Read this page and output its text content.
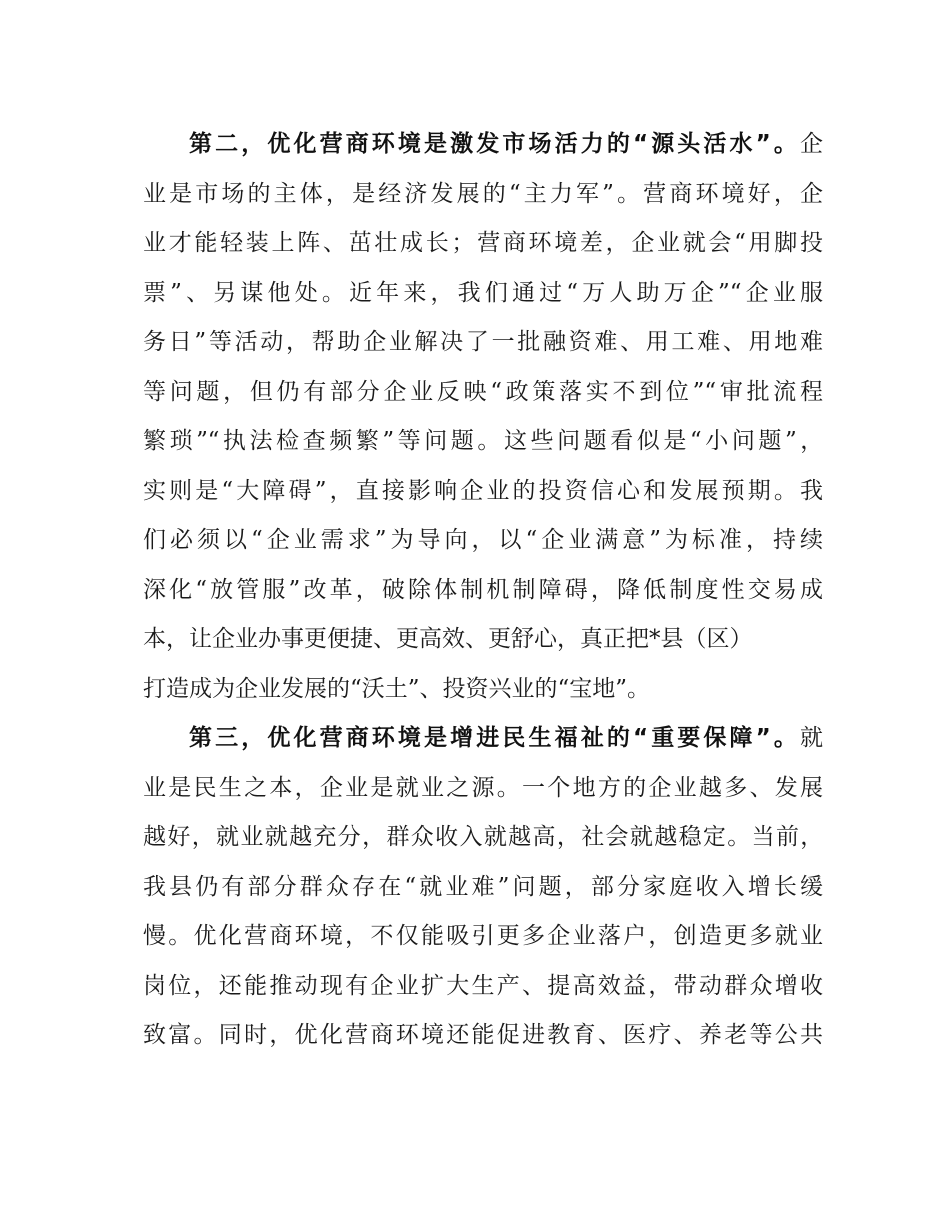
第二，优化营商环境是激发市场活力的“源头活水”。企
业是市场的主体，是经济发展的“主力军”。营商环境好，企
业才能轻装上阵、茁壮成长；营商环境差，企业就会“用脚投
票”、另谋他处。近年来，我们通过“万人助万企”“企业服
务日”等活动，帮助企业解决了一批融资难、用工难、用地难
等问题，但仍有部分企业反映“政策落实不到位”“审批流程
繁琐”“执法检查频繁”等问题。这些问题看似是“小问题”，
实则是“大障碍”，直接影响企业的投资信心和发展预期。我
们必须以“企业需求”为导向，以“企业满意”为标准，持续
深化“放管服”改革，破除体制机制障碍，降低制度性交易成
本，让企业办事更便捷、更高效、更舒心，真正把*县（区）
打造成为企业发展的“沃土”、投资兴业的“宝地”。
第三，优化营商环境是增进民生福祉的“重要保障”。就
业是民生之本，企业是就业之源。一个地方的企业越多、发展
越好，就业就越充分，群众收入就越高，社会就越稳定。当前，
我县仍有部分群众存在“就业难”问题，部分家庭收入增长缓
慢。优化营商环境，不仅能吸引更多企业落户，创造更多就业
岗位，还能推动现有企业扩大生产、提高效益，带动群众增收
致富。同时，优化营商环境还能促进教育、医疗、养老等公共
